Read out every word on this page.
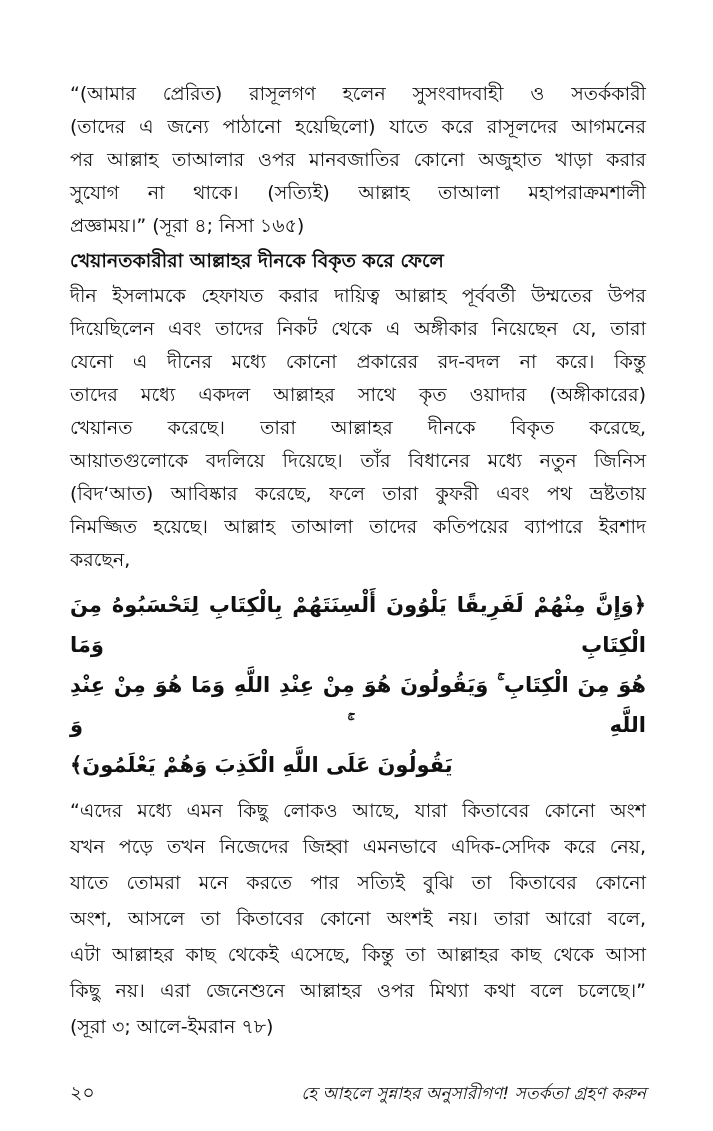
“(আমার প্রেরিত) রাসূলগণ হলেন সুসংবাদবাহী ও সতর্ককারী
(তাদের এ জন্যে পাঠানো হয়েছিলো) যাতে করে রাসূলদের আগমনের
পর আল্লাহ তাআলার ওপর মানবজাতির কোনো অজুহাত খাড়া করার
সুযোগ না থাকে। (সত্যিই) আল্লাহ তাআলা মহাপরাক্রমশালী
প্রজ্ঞাময়।” (সূরা ৪; নিসা ১৬৫)
খেয়ানতকারীরা আল্লাহর দীনকে বিকৃত করে ফেলে
দীন ইসলামকে হেফাযত করার দায়িত্ব আল্লাহ পূর্ববর্তী উম্মতের উপর
দিয়েছিলেন এবং তাদের নিকট থেকে এ অঙ্গীকার নিয়েছেন যে, তারা
যেনো এ দীনের মধ্যে কোনো প্রকারের রদ-বদল না করে। কিন্তু
তাদের মধ্যে একদল আল্লাহর সাথে কৃত ওয়াদার (অঙ্গীকারের)
খেয়ানত করেছে। তারা আল্লাহর দীনকে বিকৃত করেছে,
আয়াতগুলোকে বদলিয়ে দিয়েছে। তাঁর বিধানের মধ্যে নতুন জিনিস
(বিদ‘আত) আবিষ্কার করেছে, ফলে তারা কুফরী এবং পথ ভ্রষ্টতায়
নিমজ্জিত হয়েছে। আল্লাহ তাআলা তাদের কতিপয়ের ব্যাপারে ইরশাদ
করছেন,
﴿وَإِنَّ مِنْهُمْ لَفَرِيقًا يَلْوُونَ أَلْسِنَتَهُمْ بِالْكِتَابِ لِتَحْسَبُوهُ مِنَ الْكِتَابِ وَمَا
هُوَ مِنَ الْكِتَابِ ۚ وَيَقُولُونَ هُوَ مِنْ عِنْدِ اللَّهِ وَمَا هُوَ مِنْ عِنْدِ اللَّهِ ۚ وَ
يَقُولُونَ عَلَى اللَّهِ الْكَذِبَ وَهُمْ يَعْلَمُونَ﴾
“এদের মধ্যে এমন কিছু লোকও আছে, যারা কিতাবের কোনো অংশ
যখন পড়ে তখন নিজেদের জিহ্বা এমনভাবে এদিক-সেদিক করে নেয়,
যাতে তোমরা মনে করতে পার সত্যিই বুঝি তা কিতাবের কোনো
অংশ, আসলে তা কিতাবের কোনো অংশই নয়। তারা আরো বলে,
এটা আল্লাহর কাছ থেকেই এসেছে, কিন্তু তা আল্লাহর কাছ থেকে আসা
কিছু নয়। এরা জেনেশুনে আল্লাহর ওপর মিথ্যা কথা বলে চলেছে।”
(সূরা ৩; আলে-ইমরান ৭৮)
২০	হে আহলে সুন্নাহর অনুসারীগণ! সতর্কতা গ্রহণ করুন
